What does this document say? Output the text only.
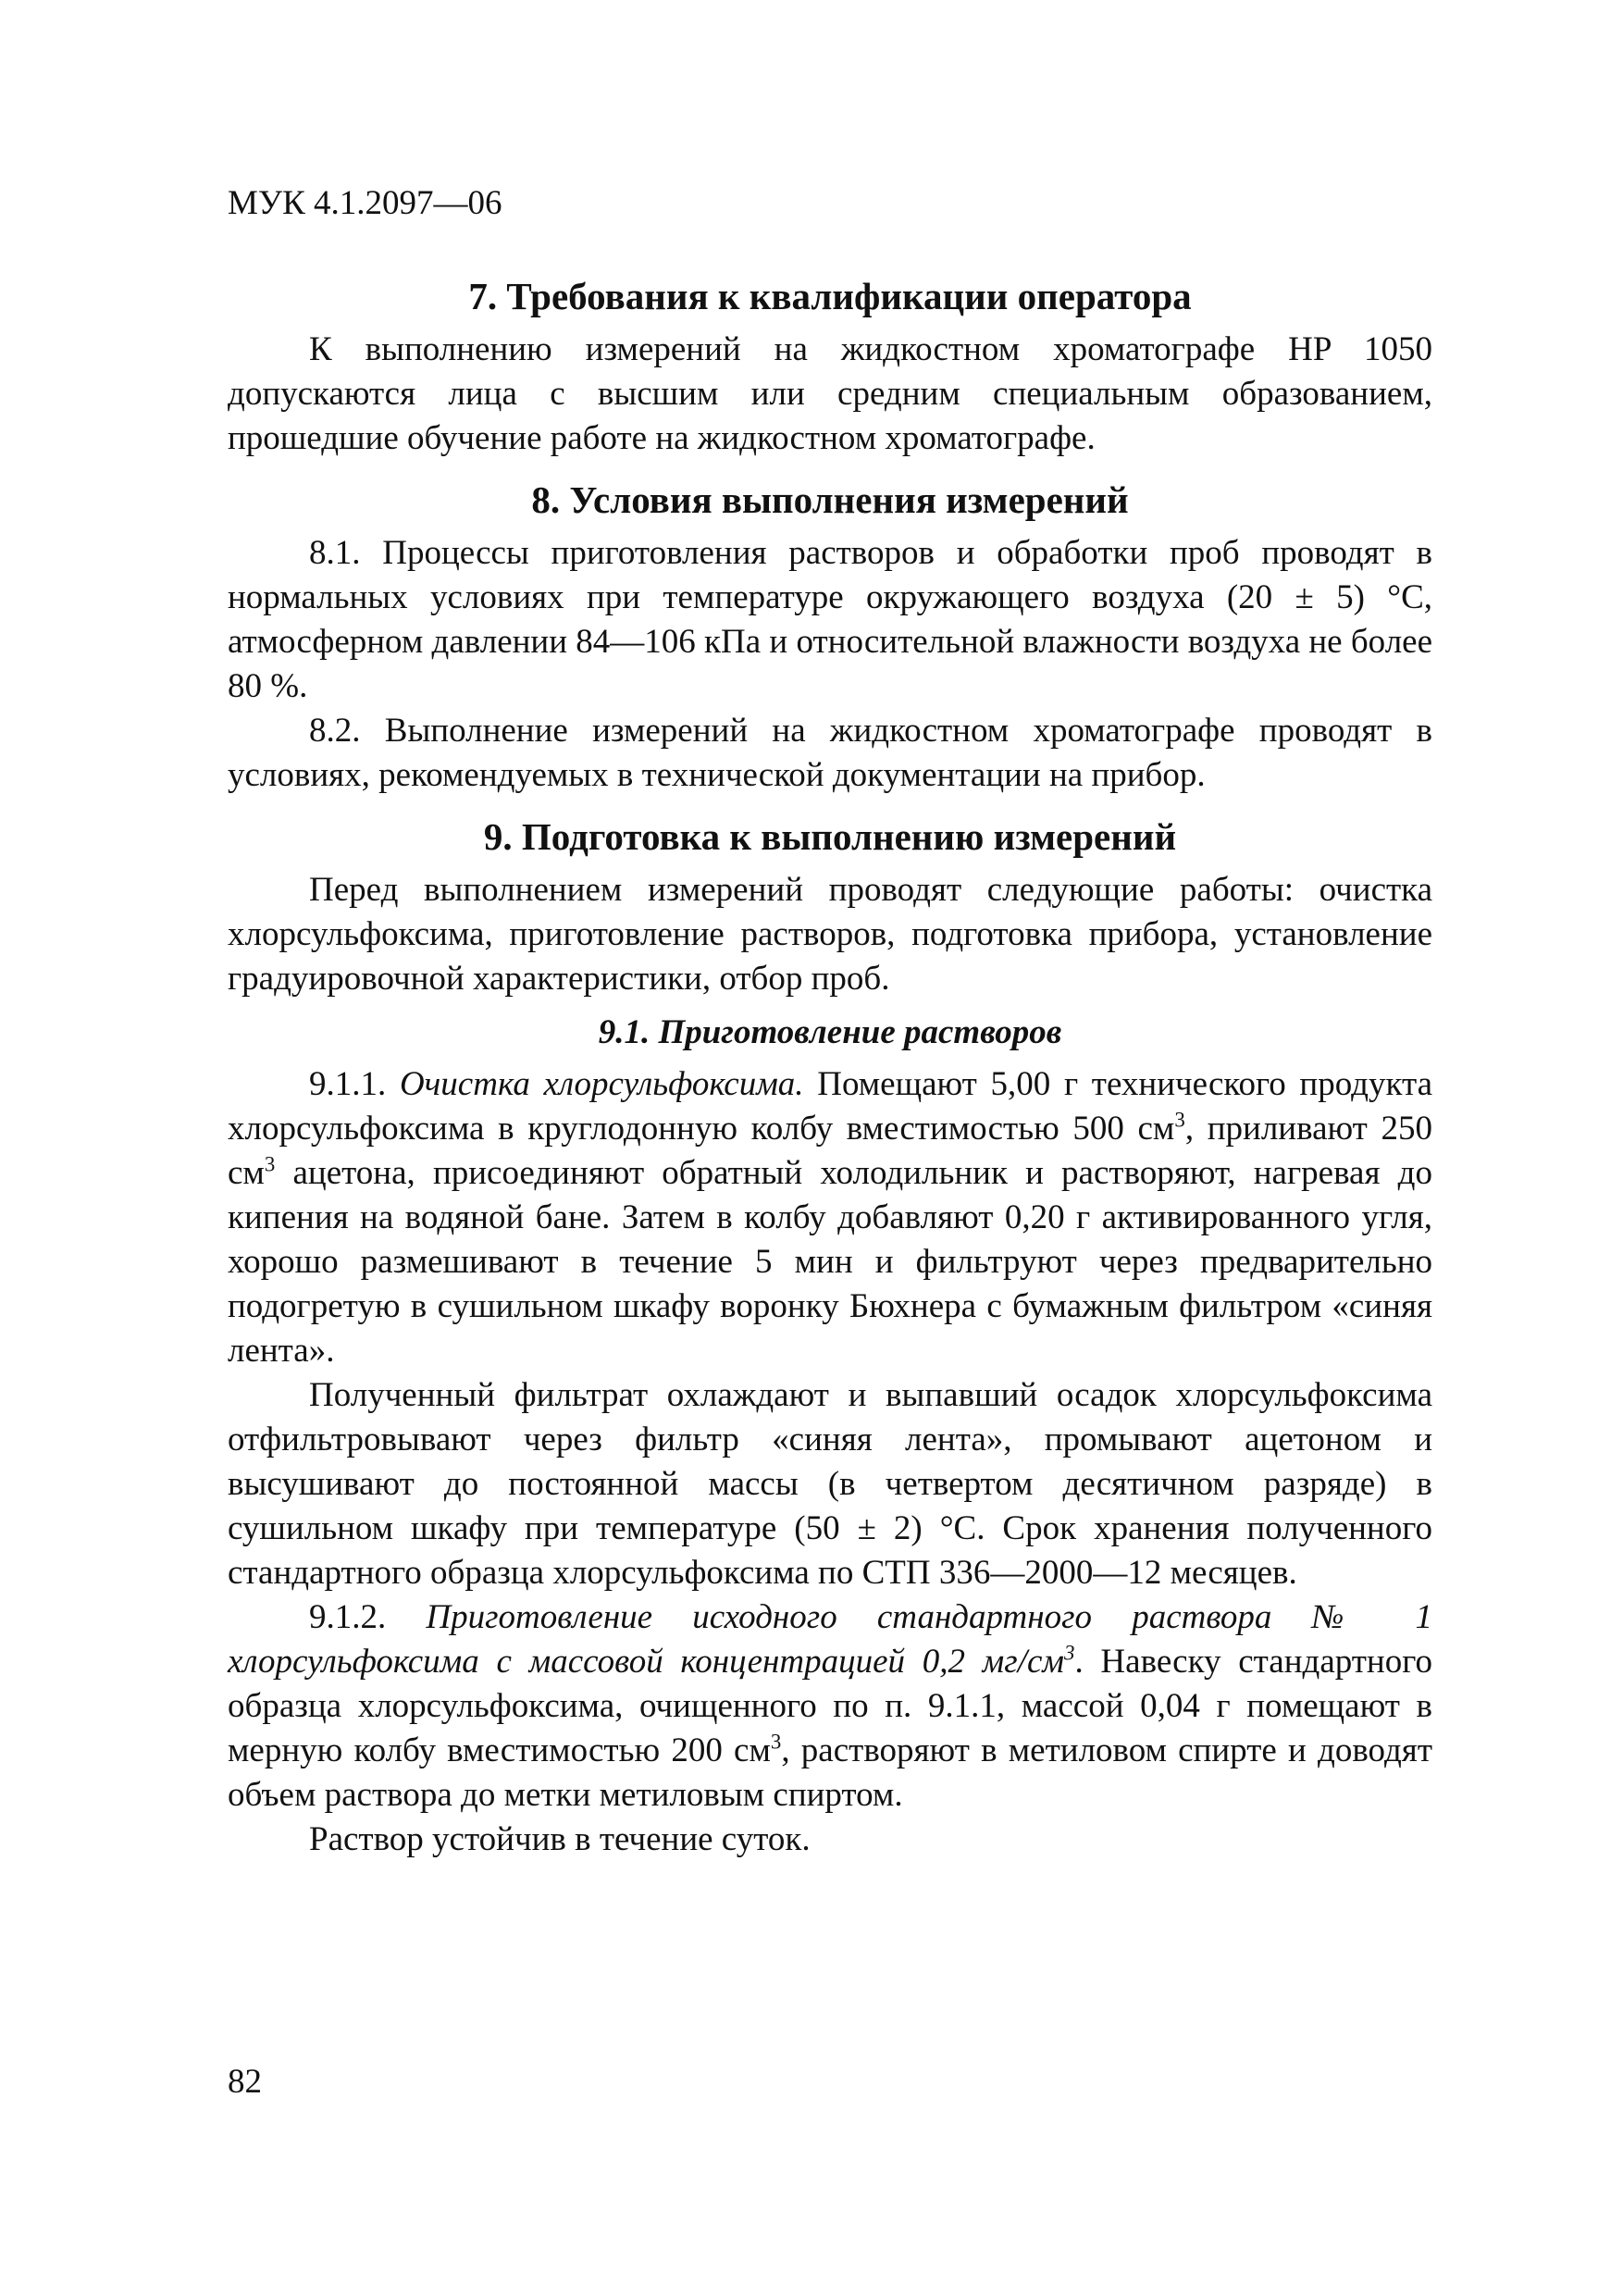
МУК 4.1.2097—06

7. Требования к квалификации оператора

К выполнению измерений на жидкостном хроматографе HP 1050 допускаются лица с высшим или средним специальным образованием, прошедшие обучение работе на жидкостном хроматографе.

8. Условия выполнения измерений

8.1. Процессы приготовления растворов и обработки проб проводят в нормальных условиях при температуре окружающего воздуха (20 ± 5) °С, атмосферном давлении 84—106 кПа и относительной влажности воздуха не более 80 %.

8.2. Выполнение измерений на жидкостном хроматографе проводят в условиях, рекомендуемых в технической документации на прибор.

9. Подготовка к выполнению измерений

Перед выполнением измерений проводят следующие работы: очистка хлорсульфоксима, приготовление растворов, подготовка прибора, установление градуировочной характеристики, отбор проб.

9.1. Приготовление растворов

9.1.1. Очистка хлорсульфоксима. Помещают 5,00 г технического продукта хлорсульфоксима в круглодонную колбу вместимостью 500 $см^3$, приливают 250 $см^3$ ацетона, присоединяют обратный холодильник и растворяют, нагревая до кипения на водяной бане. Затем в колбу добавляют 0,20 г активированного угля, хорошо размешивают в течение 5 мин и фильтруют через предварительно подогретую в сушильном шкафу воронку Бюхнера с бумажным фильтром «синяя лента».

Полученный фильтрат охлаждают и выпавший осадок хлорсульфоксима отфильтровывают через фильтр «синяя лента», промывают ацетоном и высушивают до постоянной массы (в четвертом десятичном разряде) в сушильном шкафу при температуре (50 ± 2) °С. Срок хранения полученного стандартного образца хлорсульфоксима по СТП 336—2000—12 месяцев.

9.1.2. Приготовление исходного стандартного раствора № 1 хлорсульфоксима с массовой концентрацией 0,2 $мг/см^3$. Навеску стандартного образца хлорсульфоксима, очищенного по п. 9.1.1, массой 0,04 г помещают в мерную колбу вместимостью 200 $см^3$, растворяют в метиловом спирте и доводят объем раствора до метки метиловым спиртом.

Раствор устойчив в течение суток.

82
